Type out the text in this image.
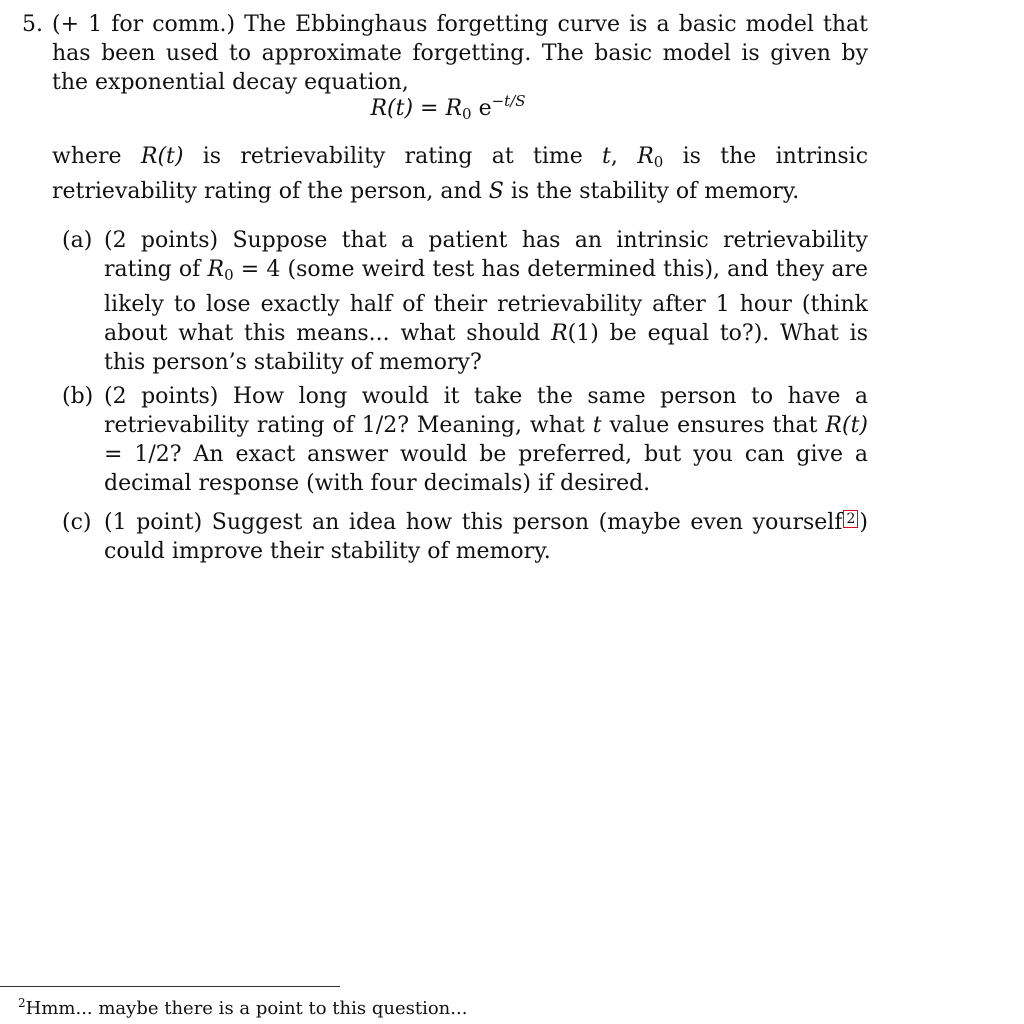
5. (+ 1 for comm.) The Ebbinghaus forgetting curve is a basic model that has been used to approximate forgetting. The basic model is given by the exponential decay equation,
$R(t) = R_0$ $e^{-t/S}$
where R(t) is retrievability rating at time t, $R_0$ is the intrinsic retrievability rating of the person, and S is the stability of memory.
(a) (2 points) Suppose that a patient has an intrinsic retrievability rating of $R_0 = 4$ (some weird test has determined this), and they are likely to lose exactly half of their retrievability after 1 hour (think about what this means... what should R(1) be equal to?). What is this person’s stability of memory?
(b) (2 points) How long would it take the same person to have a retrievability rating of 1/2? Meaning, what t value ensures that R(t) = 1/2? An exact answer would be preferred, but you can give a decimal response (with four decimals) if desired.
(c) (1 point) Suggest an idea how this person (maybe even yourself 2 ) could improve their stability of memory.
$^2$Hmm... maybe there is a point to this question...
